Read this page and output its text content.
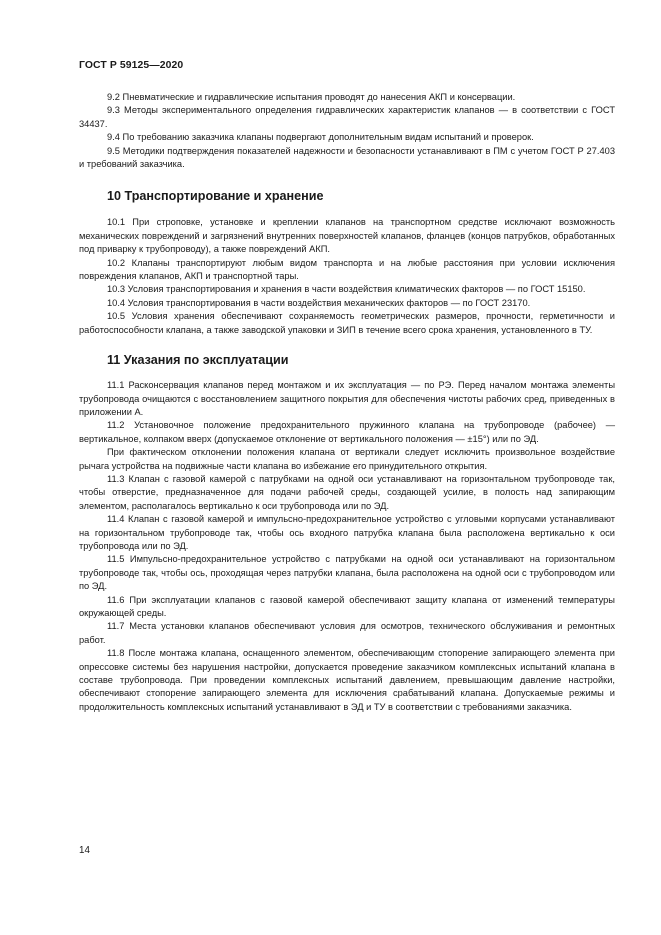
ГОСТ Р 59125—2020

9.2 Пневматические и гидравлические испытания проводят до нанесения АКП и консервации.

9.3 Методы экспериментального определения гидравлических характеристик клапанов — в соответствии с ГОСТ 34437.

9.4 По требованию заказчика клапаны подвергают дополнительным видам испытаний и проверок.

9.5 Методики подтверждения показателей надежности и безопасности устанавливают в ПМ с учетом ГОСТ Р 27.403 и требований заказчика.

10 Транспортирование и хранение

10.1 При строповке, установке и креплении клапанов на транспортном средстве исключают возможность механических повреждений и загрязнений внутренних поверхностей клапанов, фланцев (концов патрубков, обработанных под приварку к трубопроводу), а также повреждений АКП.

10.2 Клапаны транспортируют любым видом транспорта и на любые расстояния при условии исключения повреждения клапанов, АКП и транспортной тары.

10.3 Условия транспортирования и хранения в части воздействия климатических факторов — по ГОСТ 15150.

10.4 Условия транспортирования в части воздействия механических факторов — по ГОСТ 23170.

10.5 Условия хранения обеспечивают сохраняемость геометрических размеров, прочности, герметичности и работоспособности клапана, а также заводской упаковки и ЗИП в течение всего срока хранения, установленного в ТУ.

11 Указания по эксплуатации

11.1 Расконсервация клапанов перед монтажом и их эксплуатация — по РЭ. Перед началом монтажа элементы трубопровода очищаются с восстановлением защитного покрытия для обеспечения чистоты рабочих сред, приведенных в приложении А.

11.2 Установочное положение предохранительного пружинного клапана на трубопроводе (рабочее) — вертикальное, колпаком вверх (допускаемое отклонение от вертикального положения — ±15°) или по ЭД.

При фактическом отклонении положения клапана от вертикали следует исключить произвольное воздействие рычага устройства на подвижные части клапана во избежание его принудительного открытия.

11.3 Клапан с газовой камерой с патрубками на одной оси устанавливают на горизонтальном трубопроводе так, чтобы отверстие, предназначенное для подачи рабочей среды, создающей усилие, в полость над запирающим элементом, располагалось вертикально к оси трубопровода или по ЭД.

11.4 Клапан с газовой камерой и импульсно-предохранительное устройство с угловыми корпусами устанавливают на горизонтальном трубопроводе так, чтобы ось входного патрубка клапана была расположена вертикально к оси трубопровода или по ЭД.

11.5 Импульсно-предохранительное устройство с патрубками на одной оси устанавливают на горизонтальном трубопроводе так, чтобы ось, проходящая через патрубки клапана, была расположена на одной оси с трубопроводом или по ЭД.

11.6 При эксплуатации клапанов с газовой камерой обеспечивают защиту клапана от изменений температуры окружающей среды.

11.7 Места установки клапанов обеспечивают условия для осмотров, технического обслуживания и ремонтных работ.

11.8 После монтажа клапана, оснащенного элементом, обеспечивающим стопорение запирающего элемента при опрессовке системы без нарушения настройки, допускается проведение заказчиком комплексных испытаний клапана в составе трубопровода. При проведении комплексных испытаний давлением, превышающим давление настройки, обеспечивают стопорение запирающего элемента для исключения срабатываний клапана. Допускаемые режимы и продолжительность комплексных испытаний устанавливают в ЭД и ТУ в соответствии с требованиями заказчика.

14
